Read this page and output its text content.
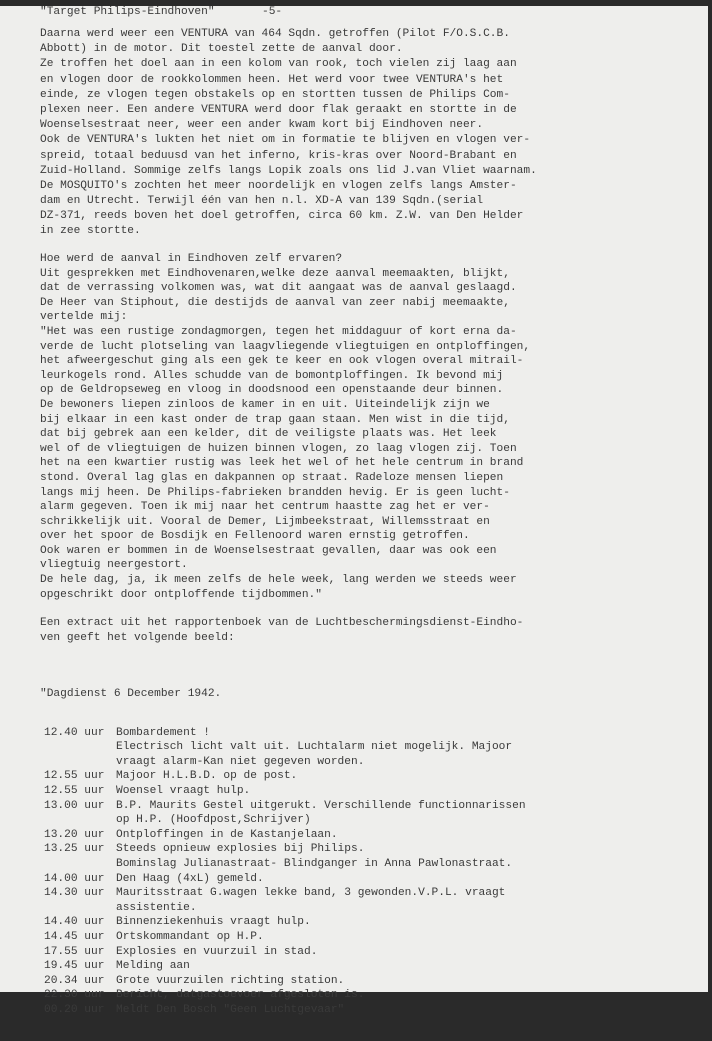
"Target Philips-Eindhoven"	-5-
Daarna werd weer een VENTURA van 464 Sqdn. getroffen (Pilot F/O.S.C.B.
Abbott) in de motor. Dit toestel zette de aanval door.
Ze troffen het doel aan in een kolom van rook, toch vielen zij laag aan
en vlogen door de rookkolommen heen. Het werd voor twee VENTURA's het
einde, ze vlogen tegen obstakels op en stortten tussen de Philips Com-
plexen neer. Een andere VENTURA werd door flak geraakt en stortte in de
Woenselsestraat neer, weer een ander kwam kort bij Eindhoven neer.
Ook de VENTURA's lukten het niet om in formatie te blijven en vlogen ver-
spreid, totaal beduusd van het inferno, kris-kras over Noord-Brabant en
Zuid-Holland. Sommige zelfs langs Lopik zoals ons lid J.van Vliet waarnam.
De MOSQUITO's zochten het meer noordelijk en vlogen zelfs langs Amster-
dam en Utrecht. Terwijl één van hen n.l. XD-A van 139 Sqdn.(serial
DZ-371, reeds boven het doel getroffen, circa 60 km. Z.W. van Den Helder
in zee stortte.
Hoe werd de aanval in Eindhoven zelf ervaren?
Uit gesprekken met Eindhovenaren,welke deze aanval meemaakten, blijkt,
dat de verrassing volkomen was, wat dit aangaat was de aanval geslaagd.
De Heer van Stiphout, die destijds de aanval van zeer nabij meemaakte,
vertelde mij:
"Het was een rustige zondagmorgen, tegen het middaguur of kort erna da-
verde de lucht plotseling van laagvliegende vliegtuigen en ontploffingen,
het afweergeschut ging als een gek te keer en ook vlogen overal mitrail-
leurkogels rond. Alles schudde van de bomontploffingen. Ik bevond mij
op de Geldropseweg en vloog in doodsnood een openstaande deur binnen.
De bewoners liepen zinloos de kamer in en uit. Uiteindelijk zijn we
bij elkaar in een kast onder de trap gaan staan. Men wist in die tijd,
dat bij gebrek aan een kelder, dit de veiligste plaats was. Het leek
wel of de vliegtuigen de huizen binnen vlogen, zo laag vlogen zij. Toen
het na een kwartier rustig was leek het wel of het hele centrum in brand
stond. Overal lag glas en dakpannen op straat. Radeloze mensen liepen
langs mij heen. De Philips-fabrieken brandden hevig. Er is geen lucht-
alarm gegeven. Toen ik mij naar het centrum haastte zag het er ver-
schrikkelijk uit. Vooral de Demer, Lijmbeekstraat, Willemsstraat en
over het spoor de Bosdijk en Fellenoord waren ernstig getroffen.
Ook waren er bommen in de Woenselsestraat gevallen, daar was ook een
vliegtuig neergestort.
De hele dag, ja, ik meen zelfs de hele week, lang werden we steeds weer
opgeschrikt door ontploffende tijdbommen."
Een extract uit het rapportenboek van de Luchtbeschermingsdienst-Eindho-
ven geeft het volgende beeld:

"Dagdienst 6 December 1942.

12.40 uur Bombardement !
Electrisch licht valt uit. Luchtalarm niet mogelijk. Majoor
vraagt alarm-Kan niet gegeven worden.
12.55 uur Majoor H.L.B.D. op de post.
12.55 uur Woensel vraagt hulp.
13.00 uur B.P. Maurits Gestel uitgerukt. Verschillende functionnarissen
op H.P. (Hoofdpost,Schrijver)
13.20 uur Ontploffingen in de Kastanjelaan.
13.25 uur Steeds opnieuw explosies bij Philips.
Bominslag Julianastraat- Blindganger in Anna Pawlonastraat.
14.00 uur Den Haag (4xL) gemeld.
14.30 uur Mauritsstraat G.wagen lekke band, 3 gewonden.V.P.L. vraagt
assistentie.
14.40 uur Binnenziekenhuis vraagt hulp.
14.45 uur Ortskommandant op H.P.
17.55 uur Explosies en vuurzuil in stad.
19.45 uur Melding aan
20.34 uur Grote vuurzuilen richting station.
22.30 uur Bericht, datgastoevoer afgesloten is.
00.20 uur Meldt Den Bosch "Geen Luchtgevaar"
